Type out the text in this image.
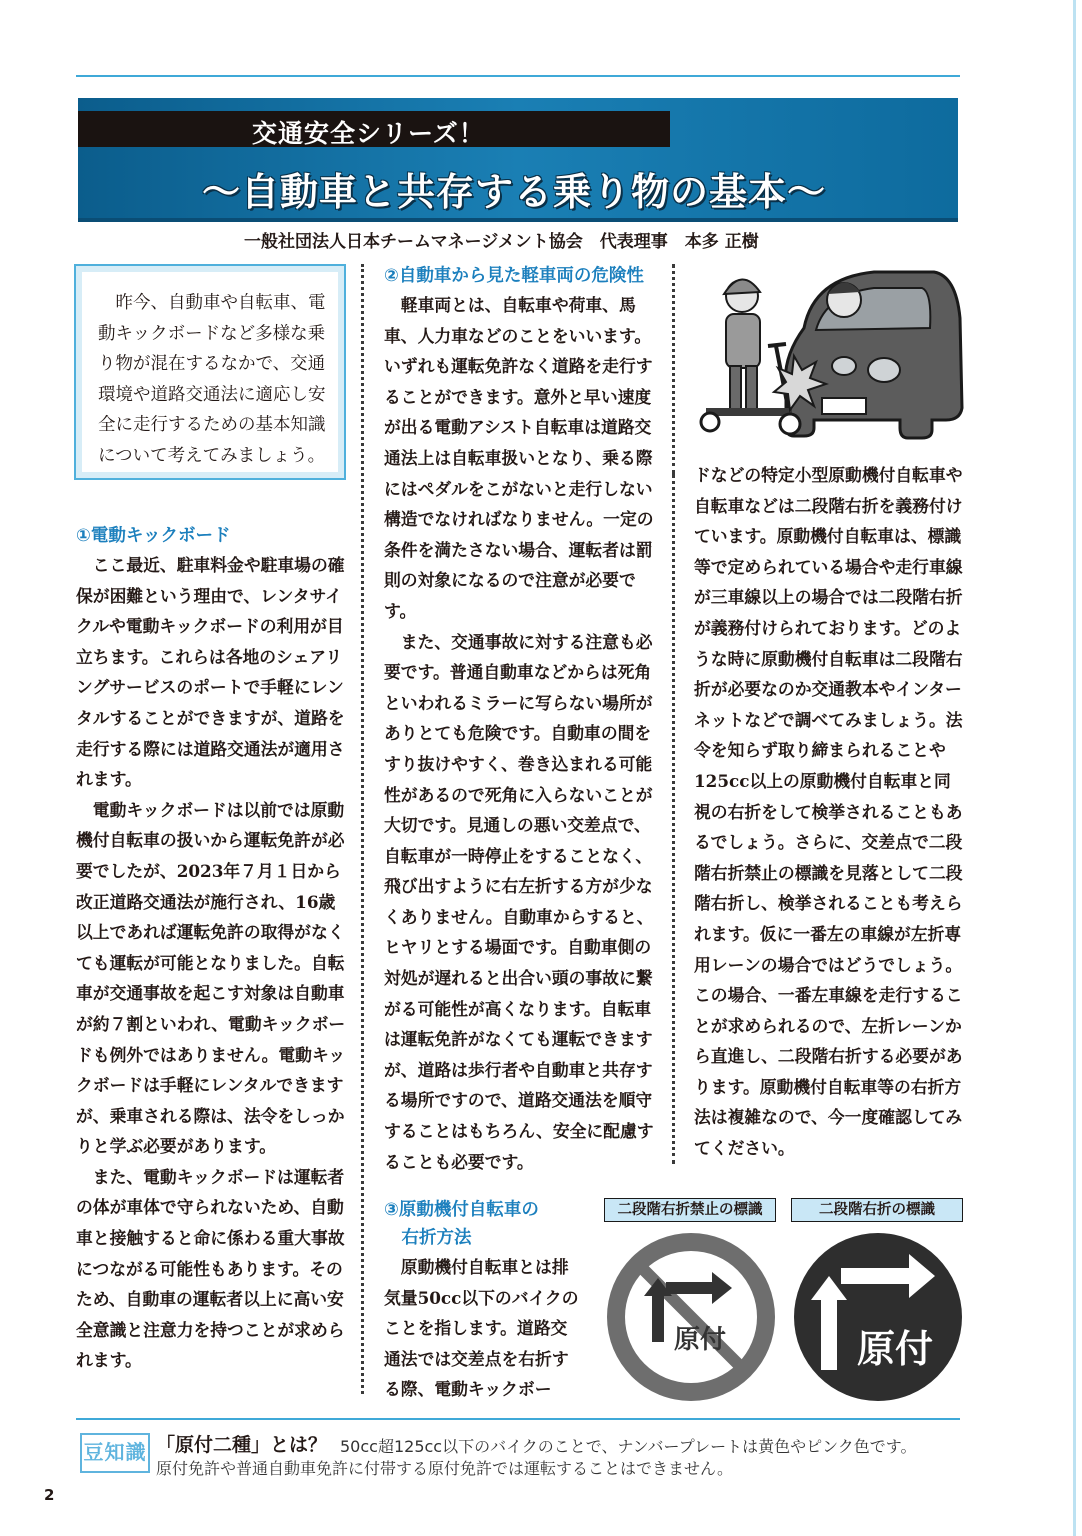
交通安全シリーズ！
～自動車と共存する乗り物の基本～
一般社団法人日本チームマネージメント協会　代表理事　本多 正樹
昨今、自動車や自転車、電動キックボードなど多様な乗り物が混在するなかで、交通環境や道路交通法に適応し安全に走行するための基本知識について考えてみましょう。

①電動キックボード

ここ最近、駐車料金や駐車場の確保が困難という理由で、レンタサイクルや電動キックボードの利用が目立ちます。これらは各地のシェアリングサービスのポートで手軽にレンタルすることができますが、道路を走行する際には道路交通法が適用されます。

電動キックボードは以前では原動機付自転車の扱いから運転免許が必要でしたが、2023年７月１日から改正道路交通法が施行され、16歳以上であれば運転免許の取得がなくても運転が可能となりました。自転車が交通事故を起こす対象は自動車が約７割といわれ、電動キックボードも例外ではありません。電動キックボードは手軽にレンタルできますが、乗車される際は、法令をしっかりと学ぶ必要があります。

また、電動キックボードは運転者の体が車体で守られないため、自動車と接触すると命に係わる重大事故につながる可能性もあります。そのため、自動車の運転者以上に高い安全意識と注意力を持つことが求められます。

②自動車から見た軽車両の危険性

軽車両とは、自転車や荷車、馬車、人力車などのことをいいます。いずれも運転免許なく道路を走行することができます。意外と早い速度が出る電動アシスト自転車は道路交通法上は自転車扱いとなり、乗る際にはペダルをこがないと走行しない構造でなければなりません。一定の条件を満たさない場合、運転者は罰則の対象になるので注意が必要です。

また、交通事故に対する注意も必要です。普通自動車などからは死角といわれるミラーに写らない場所がありとても危険です。自動車の間をすり抜けやすく、巻き込まれる可能性があるので死角に入らないことが大切です。見通しの悪い交差点で、自転車が一時停止をすることなく、飛び出すように右左折する方が少なくありません。自動車からすると、ヒヤリとする場面です。自動車側の対処が遅れると出合い頭の事故に繋がる可能性が高くなります。自転車は運転免許がなくても運転できますが、道路は歩行者や自動車と共存する場所ですので、道路交通法を順守することはもちろん、安全に配慮することも必要です。

③原動機付自転車の

右折方法

原動機付自転車とは排気量50cc以下のバイクのことを指します。道路交通法では交差点を右折する際、電動キックボー

ドなどの特定小型原動機付自転車や自転車などは二段階右折を義務付けています。原動機付自転車は、標識等で定められている場合や走行車線が三車線以上の場合では二段階右折が義務付けられております。どのような時に原動機付自転車は二段階右折が必要なのか交通教本やインターネットなどで調べてみましょう。法令を知らず取り締まられることや125cc以上の原動機付自転車と同視の右折をして検挙されることもあるでしょう。さらに、交差点で二段階右折禁止の標識を見落として二段階右折し、検挙されることも考えられます。仮に一番左の車線が左折専用レーンの場合ではどうでしょう。この場合、一番左車線を走行することが求められるので、左折レーンから直進し、二段階右折する必要があります。原動機付自転車等の右折方法は複雑なので、今一度確認してみてください。

二段階右折禁止の標識	二段階右折の標識
原付	原付
豆知識 「原付二種」とは？ 50cc超125cc以下のバイクのことで、ナンバープレートは黄色やピンク色です。
原付免許や普通自動車免許に付帯する原付免許では運転することはできません。
2
